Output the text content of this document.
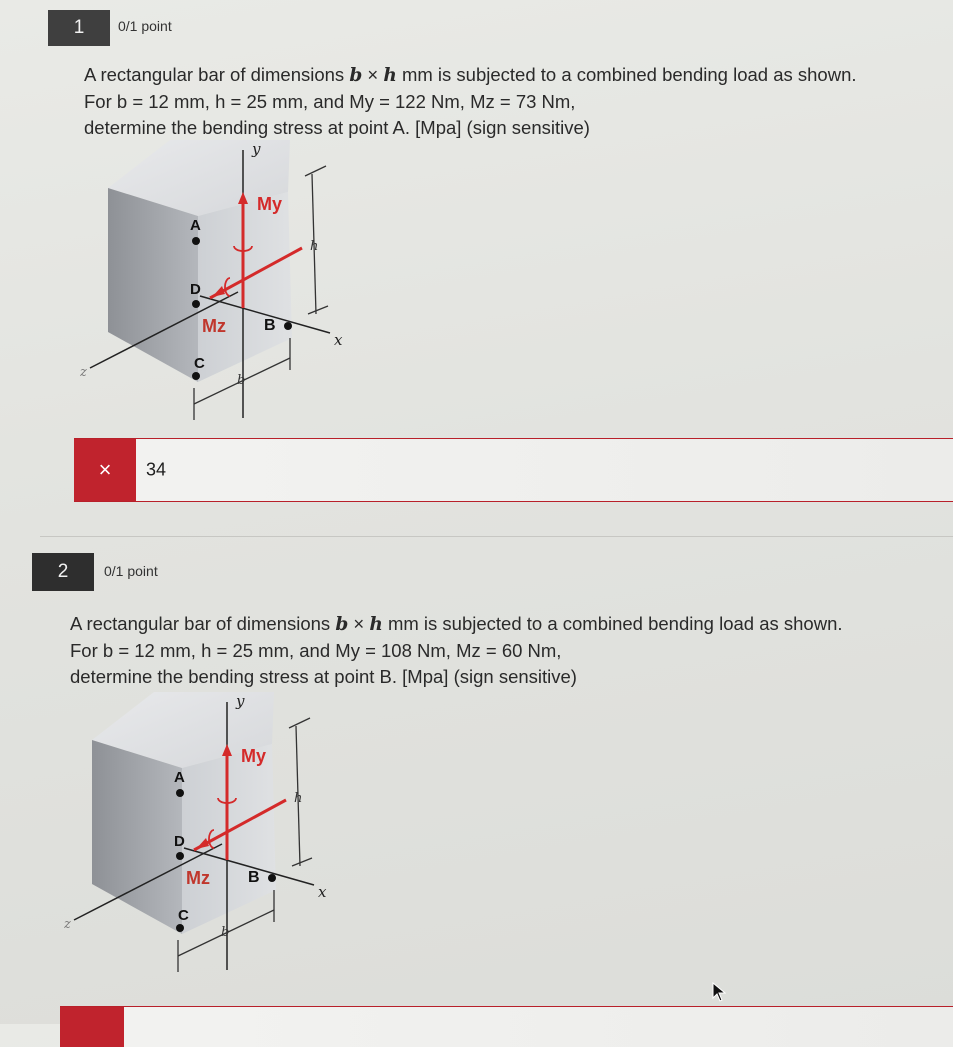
1	0/1 point
A rectangular bar of dimensions b × h mm is subjected to a combined bending load as shown.
For b = 12 mm, h = 25 mm, and My = 122 Nm, Mz = 73 Nm,
determine the bending stress at point A. [Mpa] (sign sensitive)
y
x
z
My
Mz
h
b
A
D
C
B
× 34
2	0/1 point
A rectangular bar of dimensions b × h mm is subjected to a combined bending load as shown.
For b = 12 mm, h = 25 mm, and My = 108 Nm, Mz = 60 Nm,
determine the bending stress at point B. [Mpa] (sign sensitive)
y
x
z
My
Mz
h
b
A
D
C
B
